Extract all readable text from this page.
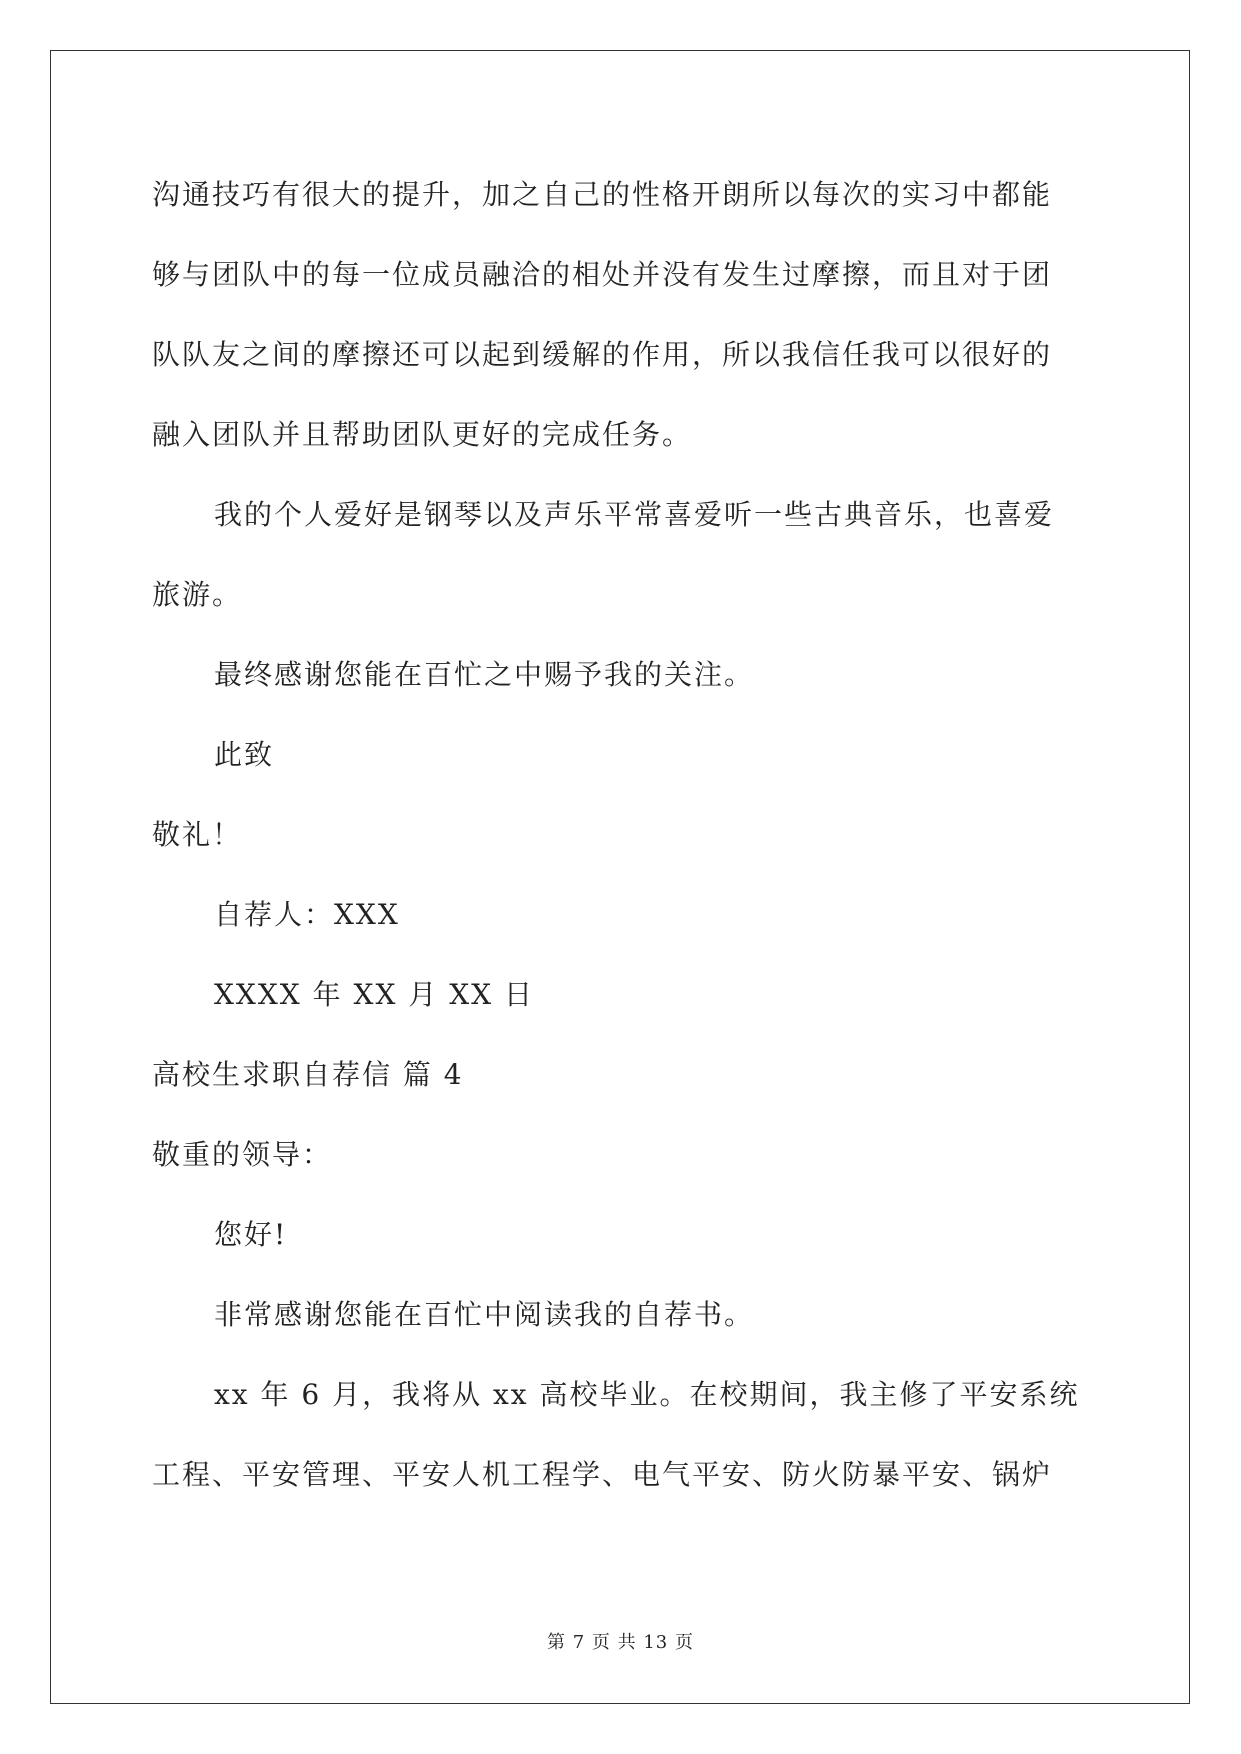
沟通技巧有很大的提升，加之自己的性格开朗所以每次的实习中都能
够与团队中的每一位成员融洽的相处并没有发生过摩擦，而且对于团
队队友之间的摩擦还可以起到缓解的作用，所以我信任我可以很好的
融入团队并且帮助团队更好的完成任务。
我的个人爱好是钢琴以及声乐平常喜爱听一些古典音乐，也喜爱
旅游。
最终感谢您能在百忙之中赐予我的关注。
此致
敬礼！
自荐人：XXX
XXXX 年 XX 月 XX 日
高校生求职自荐信 篇 4
敬重的领导：
您好!
非常感谢您能在百忙中阅读我的自荐书。
xx 年 6 月，我将从 xx 高校毕业。在校期间，我主修了平安系统
工程、平安管理、平安人机工程学、电气平安、防火防暴平安、锅炉
第 7 页 共 13 页
